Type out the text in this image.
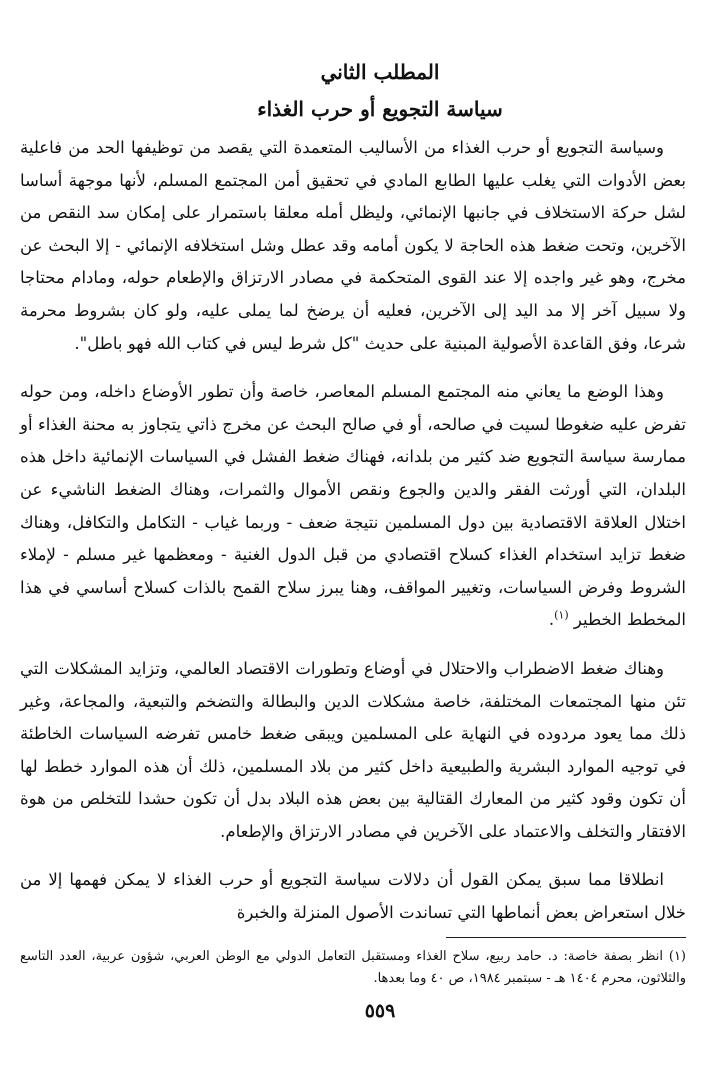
المطلب الثاني
سياسة التجويع أو حرب الغذاء

وسياسة التجويع أو حرب الغذاء من الأساليب المتعمدة التي يقصد من توظيفها الحد من فاعلية بعض الأدوات التي يغلب عليها الطابع المادي في تحقيق أمن المجتمع المسلم، لأنها موجهة أساسا لشل حركة الاستخلاف في جانبها الإنمائي، وليظل أمله معلقا باستمرار على إمكان سد النقص من الآخرين، وتحت ضغط هذه الحاجة لا يكون أمامه وقد عطل وشل استخلافه الإنمائي - إلا البحث عن مخرج، وهو غير واجده إلا عند القوى المتحكمة في مصادر الارتزاق والإطعام حوله، ومادام محتاجا ولا سبيل آخر إلا مد اليد إلى الآخرين، فعليه أن يرضخ لما يملى عليه، ولو كان بشروط محرمة شرعا، وفق القاعدة الأصولية المبنية على حديث "كل شرط ليس في كتاب الله فهو باطل".

وهذا الوضع ما يعاني منه المجتمع المسلم المعاصر، خاصة وأن تطور الأوضاع داخله، ومن حوله تفرض عليه ضغوطا لسيت في صالحه، أو في صالح البحث عن مخرج ذاتي يتجاوز به محنة الغذاء أو ممارسة سياسة التجويع ضد كثير من بلدانه، فهناك ضغط الفشل في السياسات الإنمائية داخل هذه البلدان، التي أورثت الفقر والدين والجوع ونقص الأموال والثمرات، وهناك الضغط الناشيء عن اختلال العلاقة الاقتصادية بين دول المسلمين نتيجة ضعف - وربما غياب - التكامل والتكافل، وهناك ضغط تزايد استخدام الغذاء كسلاح اقتصادي من قبل الدول الغنية - ومعظمها غير مسلم - لإملاء الشروط وفرض السياسات، وتغيير المواقف، وهنا يبرز سلاح القمح بالذات كسلاح أساسي في هذا المخطط الخطير $^{(١)}$.

وهناك ضغط الاضطراب والاحتلال في أوضاع وتطورات الاقتصاد العالمي، وتزايد المشكلات التي تئن منها المجتمعات المختلفة، خاصة مشكلات الدين والبطالة والتضخم والتبعية، والمجاعة، وغير ذلك مما يعود مردوده في النهاية على المسلمين ويبقى ضغط خامس تفرضه السياسات الخاطئة في توجيه الموارد البشرية والطبيعية داخل كثير من بلاد المسلمين، ذلك أن هذه الموارد خطط لها أن تكون وقود كثير من المعارك القتالية بين بعض هذه البلاد بدل أن تكون حشدا للتخلص من هوة الافتقار والتخلف والاعتماد على الآخرين في مصادر الارتزاق والإطعام.

انطلاقا مما سبق يمكن القول أن دلالات سياسة التجويع أو حرب الغذاء لا يمكن فهمها إلا من خلال استعراض بعض أنماطها التي تساندت الأصول المنزلة والخبرة

(١) انظر بصفة خاصة: د. حامد ربيع، سلاح الغذاء ومستقبل التعامل الدولي مع الوطن العربي، شؤون عربية، العدد التاسع والثلاثون، محرم ١٤٠٤ هـ - سبتمبر ١٩٨٤، ص ٤٠ وما بعدها.

٥٥٩
